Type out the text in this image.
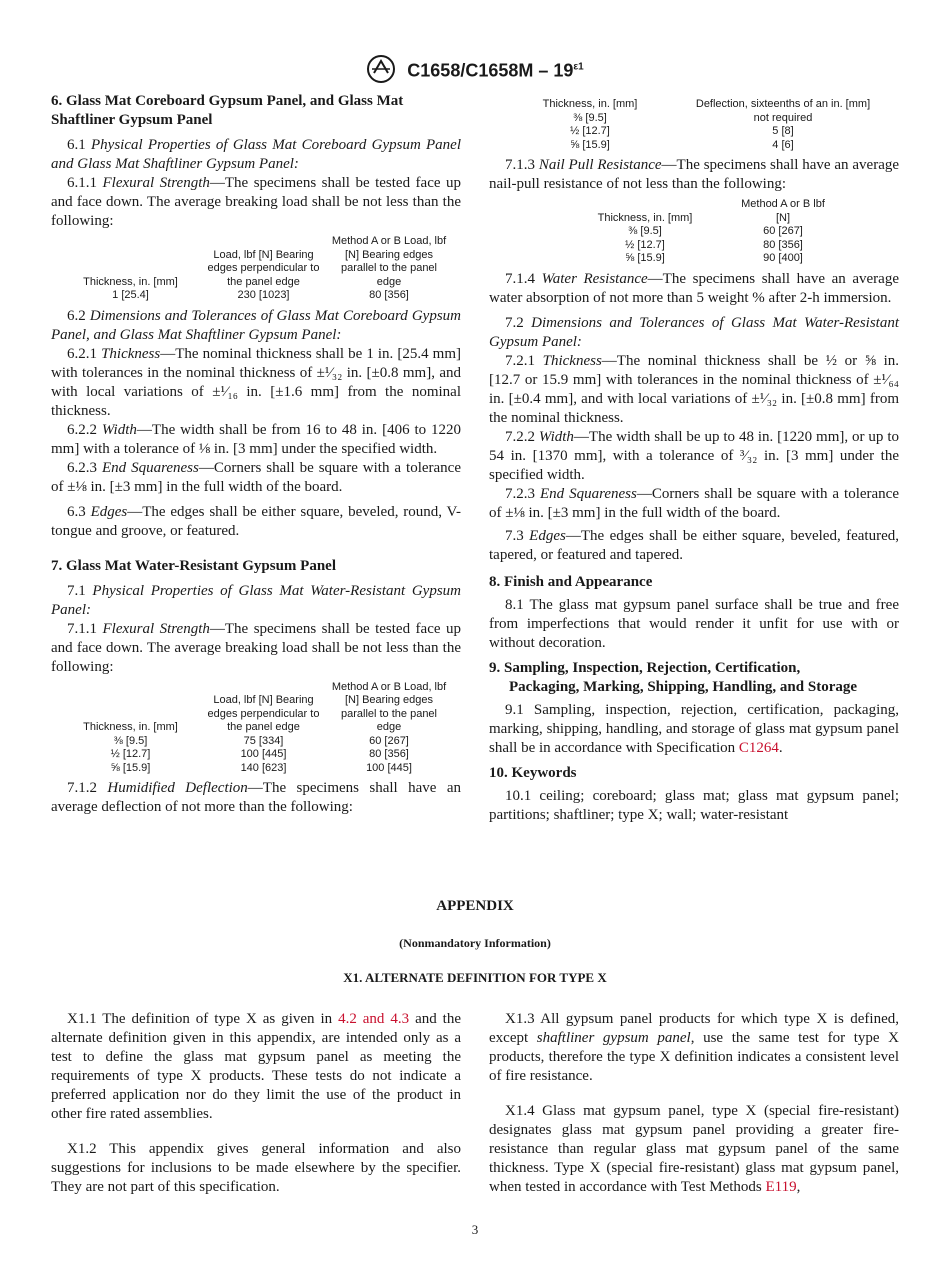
$C1658/C1658M - 19^{\varepsilon 1}$
6. Glass Mat Coreboard Gypsum Panel, and Glass Mat Shaftliner Gypsum Panel

6.1 Physical Properties of Glass Mat Coreboard Gypsum Panel and Glass Mat Shaftliner Gypsum Panel:

6.1.1 Flexural Strength—The specimens shall be tested face up and face down. The average breaking load shall be not less than the following:

Thickness, in. [mm]	Load, lbf [N] Bearing edges perpendicular to the panel edge	Method A or B Load, lbf [N] Bearing edges parallel to the panel edge
1 [25.4]	230 [1023]	80 [356]

6.2 Dimensions and Tolerances of Glass Mat Coreboard Gypsum Panel, and Glass Mat Shaftliner Gypsum Panel:

6.2.1 Thickness—The nominal thickness shall be 1 in. [25.4 mm] with tolerances in the nominal thickness of ±¹⁄₃₂ in. [±0.8 mm], and with local variations of ±¹⁄₁₆ in. [±1.6 mm] from the nominal thickness.

6.2.2 Width—The width shall be from 16 to 48 in. [406 to 1220 mm] with a tolerance of ⅛ in. [3 mm] under the specified width.

6.2.3 End Squareness—Corners shall be square with a tolerance of ±⅛ in. [±3 mm] in the full width of the board.

6.3 Edges—The edges shall be either square, beveled, round, V-tongue and groove, or featured.

7. Glass Mat Water-Resistant Gypsum Panel

7.1 Physical Properties of Glass Mat Water-Resistant Gypsum Panel:

7.1.1 Flexural Strength—The specimens shall be tested face up and face down. The average breaking load shall be not less than the following:

Thickness, in. [mm]	Load, lbf [N] Bearing edges perpendicular to the panel edge	Method A or B Load, lbf [N] Bearing edges parallel to the panel edge
⅜ [9.5]	75 [334]	60 [267]
½ [12.7]	100 [445]	80 [356]
⅝ [15.9]	140 [623]	100 [445]

7.1.2 Humidified Deflection—The specimens shall have an average deflection of not more than the following:

Thickness, in. [mm]	Deflection, sixteenths of an in. [mm]
⅜ [9.5]	not required
½ [12.7]	5 [8]
⅝ [15.9]	4 [6]

7.1.3 Nail Pull Resistance—The specimens shall have an average nail-pull resistance of not less than the following:

Thickness, in. [mm]	Method A or B lbf [N]
⅜ [9.5]	60 [267]
½ [12.7]	80 [356]
⅝ [15.9]	90 [400]

7.1.4 Water Resistance—The specimens shall have an average water absorption of not more than 5 weight % after 2-h immersion.

7.2 Dimensions and Tolerances of Glass Mat Water-Resistant Gypsum Panel:

7.2.1 Thickness—The nominal thickness shall be ½ or ⅝ in. [12.7 or 15.9 mm] with tolerances in the nominal thickness of ±¹⁄₆₄ in. [±0.4 mm], and with local variations of ±¹⁄₃₂ in. [±0.8 mm] from the nominal thickness.

7.2.2 Width—The width shall be up to 48 in. [1220 mm], or up to 54 in. [1370 mm], with a tolerance of ³⁄₃₂ in. [3 mm] under the specified width.

7.2.3 End Squareness—Corners shall be square with a tolerance of ±⅛ in. [±3 mm] in the full width of the board.

7.3 Edges—The edges shall be either square, beveled, featured, tapered, or featured and tapered.

8. Finish and Appearance

8.1 The glass mat gypsum panel surface shall be true and free from imperfections that would render it unfit for use with or without decoration.

9. Sampling, Inspection, Rejection, Certification,
Packaging, Marking, Shipping, Handling, and Storage

9.1 Sampling, inspection, rejection, certification, packaging, marking, shipping, handling, and storage of glass mat gypsum panel shall be in accordance with Specification C1264.

10. Keywords

10.1 ceiling; coreboard; glass mat; glass mat gypsum panel; partitions; shaftliner; type X; wall; water-resistant

APPENDIX
(Nonmandatory Information)
X1. ALTERNATE DEFINITION FOR TYPE X

X1.1 The definition of type X as given in 4.2 and 4.3 and the alternate definition given in this appendix, are intended only as a test to define the glass mat gypsum panel as meeting the requirements of type X products. These tests do not indicate a preferred application nor do they limit the use of the product in other fire rated assemblies.

X1.2 This appendix gives general information and also suggestions for inclusions to be made elsewhere by the specifier. They are not part of this specification.

X1.3 All gypsum panel products for which type X is defined, except shaftliner gypsum panel, use the same test for type X products, therefore the type X definition indicates a consistent level of fire resistance.

X1.4 Glass mat gypsum panel, type X (special fire-resistant) designates glass mat gypsum panel providing a greater fire-resistance than regular glass mat gypsum panel of the same thickness. Type X (special fire-resistant) glass mat gypsum panel, when tested in accordance with Test Methods E119,

3
